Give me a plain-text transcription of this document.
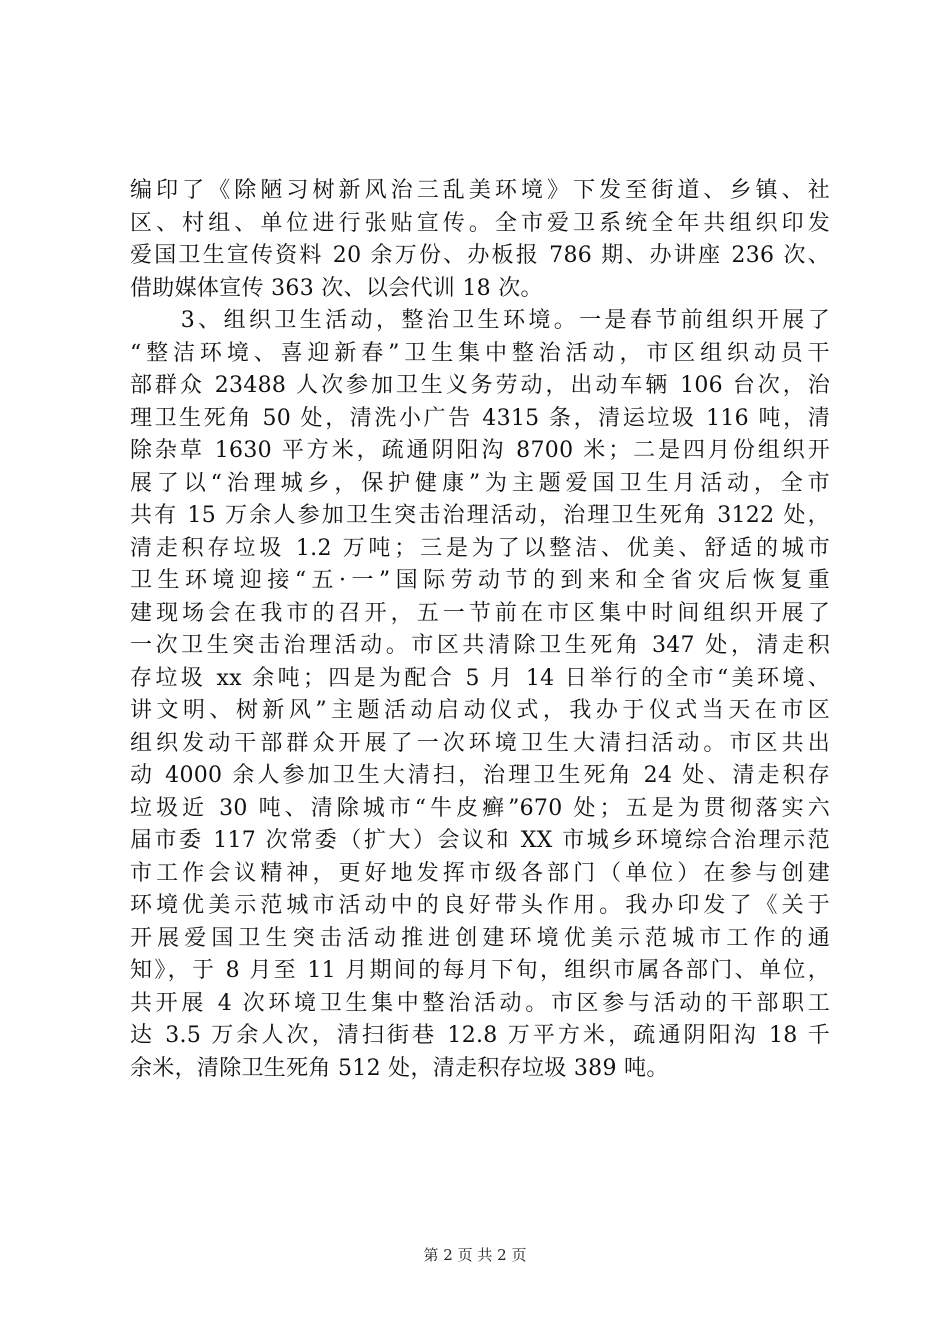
编印了《除陋习树新风治三乱美环境》下发至街道、乡镇、社
区、村组、单位进行张贴宣传。全市爱卫系统全年共组织印发
爱国卫生宣传资料 20 余万份、办板报 786 期、办讲座 236 次、
借助媒体宣传 363 次、以会代训 18 次。
　　3、组织卫生活动，整治卫生环境。一是春节前组织开展了
“整洁环境、喜迎新春”卫生集中整治活动，市区组织动员干
部群众 23488 人次参加卫生义务劳动，出动车辆 106 台次，治
理卫生死角 50 处，清洗小广告 4315 条，清运垃圾 116 吨，清
除杂草 1630 平方米，疏通阴阳沟 8700 米；二是四月份组织开
展了以“治理城乡，保护健康”为主题爱国卫生月活动，全市
共有 15 万余人参加卫生突击治理活动，治理卫生死角 3122 处，
清走积存垃圾 1.2 万吨；三是为了以整洁、优美、舒适的城市
卫生环境迎接“五·一”国际劳动节的到来和全省灾后恢复重
建现场会在我市的召开，五一节前在市区集中时间组织开展了
一次卫生突击治理活动。市区共清除卫生死角 347 处，清走积
存垃圾 xx 余吨；四是为配合 5 月 14 日举行的全市“美环境、
讲文明、树新风”主题活动启动仪式，我办于仪式当天在市区
组织发动干部群众开展了一次环境卫生大清扫活动。市区共出
动 4000 余人参加卫生大清扫，治理卫生死角 24 处、清走积存
垃圾近 30 吨、清除城市“牛皮癣”670 处；五是为贯彻落实六
届市委 117 次常委（扩大）会议和 XX 市城乡环境综合治理示范
市工作会议精神，更好地发挥市级各部门（单位）在参与创建
环境优美示范城市活动中的良好带头作用。我办印发了《关于
开展爱国卫生突击活动推进创建环境优美示范城市工作的通
知》，于 8 月至 11 月期间的每月下旬，组织市属各部门、单位，
共开展 4 次环境卫生集中整治活动。市区参与活动的干部职工
达 3.5 万余人次，清扫街巷 12.8 万平方米，疏通阴阳沟 18 千
余米，清除卫生死角 512 处，清走积存垃圾 389 吨。
第 2 页 共 2 页
